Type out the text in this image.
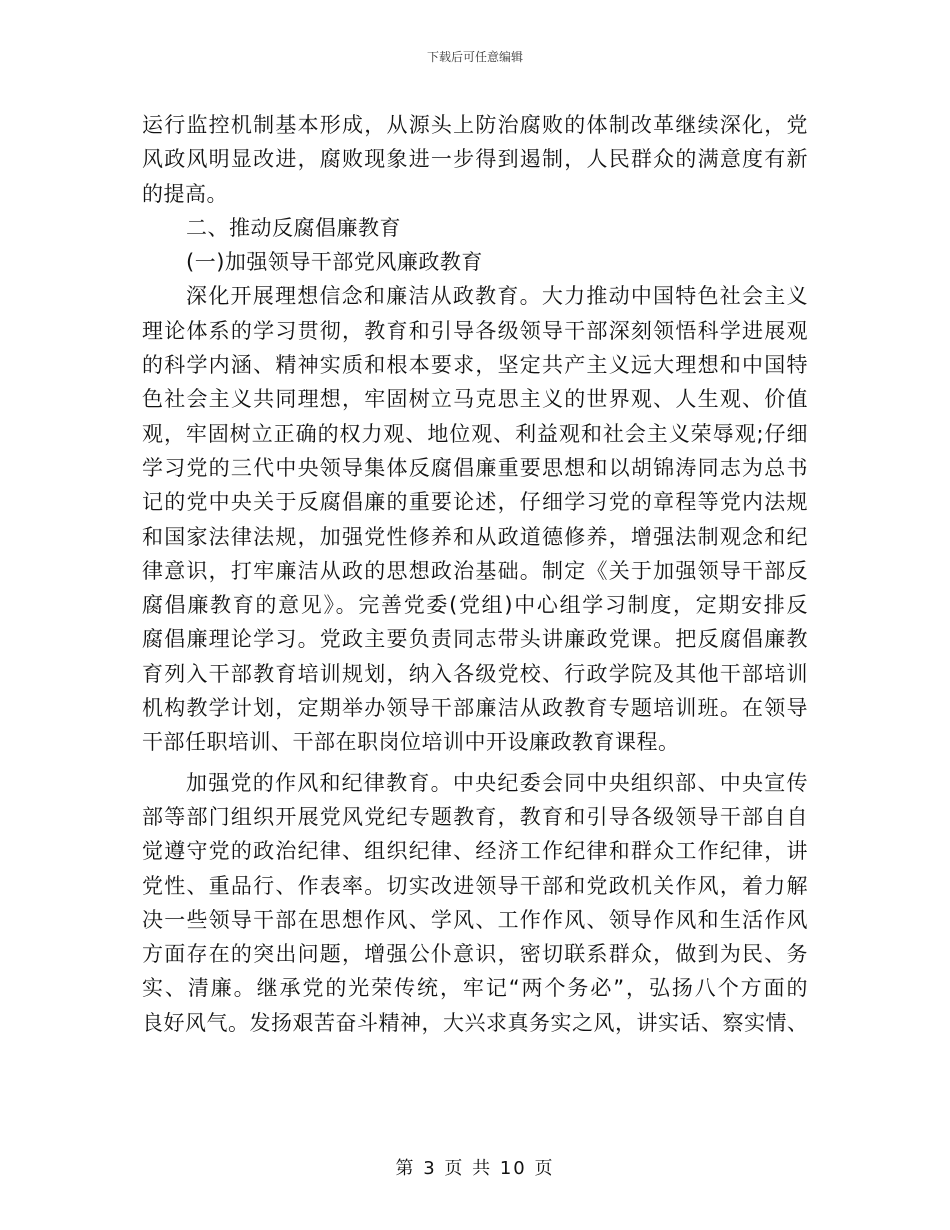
下载后可任意编辑
运行监控机制基本形成，从源头上防治腐败的体制改革继续深化，党
风政风明显改进，腐败现象进一步得到遏制，人民群众的满意度有新
的提高。
二、推动反腐倡廉教育
(一)加强领导干部党风廉政教育
深化开展理想信念和廉洁从政教育。大力推动中国特色社会主义
理论体系的学习贯彻，教育和引导各级领导干部深刻领悟科学进展观
的科学内涵、精神实质和根本要求，坚定共产主义远大理想和中国特
色社会主义共同理想，牢固树立马克思主义的世界观、人生观、价值
观，牢固树立正确的权力观、地位观、利益观和社会主义荣辱观;仔细
学习党的三代中央领导集体反腐倡廉重要思想和以胡锦涛同志为总书
记的党中央关于反腐倡廉的重要论述，仔细学习党的章程等党内法规
和国家法律法规，加强党性修养和从政道德修养，增强法制观念和纪
律意识，打牢廉洁从政的思想政治基础。制定《关于加强领导干部反
腐倡廉教育的意见》。完善党委(党组)中心组学习制度，定期安排反
腐倡廉理论学习。党政主要负责同志带头讲廉政党课。把反腐倡廉教
育列入干部教育培训规划，纳入各级党校、行政学院及其他干部培训
机构教学计划，定期举办领导干部廉洁从政教育专题培训班。在领导
干部任职培训、干部在职岗位培训中开设廉政教育课程。
加强党的作风和纪律教育。中央纪委会同中央组织部、中央宣传
部等部门组织开展党风党纪专题教育，教育和引导各级领导干部自自
觉遵守党的政治纪律、组织纪律、经济工作纪律和群众工作纪律，讲
党性、重品行、作表率。切实改进领导干部和党政机关作风，着力解
决一些领导干部在思想作风、学风、工作作风、领导作风和生活作风
方面存在的突出问题，增强公仆意识，密切联系群众，做到为民、务
实、清廉。继承党的光荣传统，牢记“两个务必”，弘扬八个方面的
良好风气。发扬艰苦奋斗精神，大兴求真务实之风，讲实话、察实情、
第 3 页 共 10 页
